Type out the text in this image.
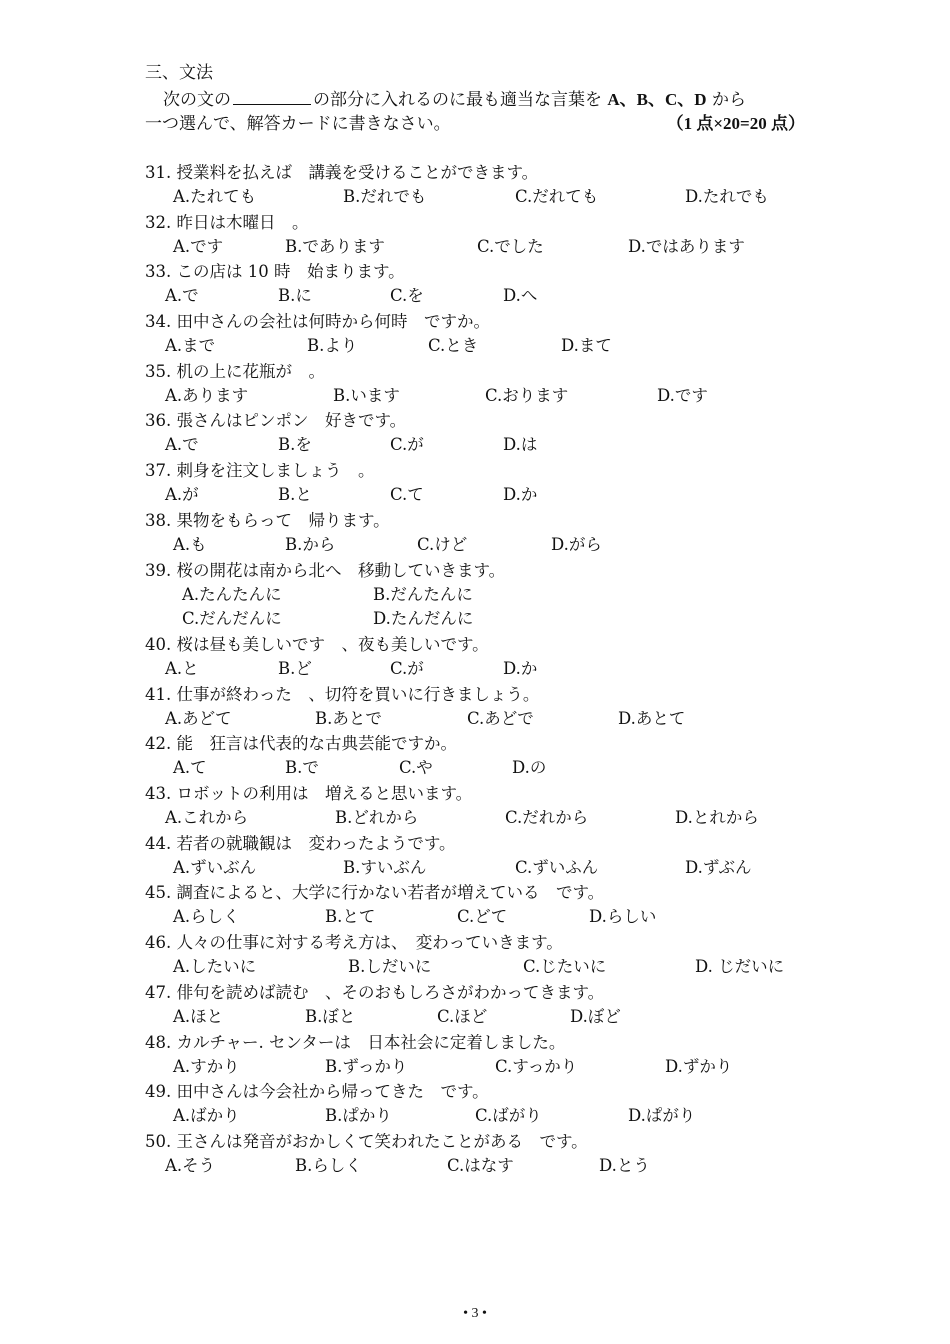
三、文法
次の文の	の部分に入れるのに最も適当な言葉を A、B、C、D から
一つ選んで、解答カードに書きなさい。	（1 点×20=20 点）
31. 授業料を払えば　講義を受けることができます。
A.たれても	B.だれでも	C.だれても	D.たれでも
32. 昨日は木曜日　。
A.です	B.であります	C.でした	D.ではあります
33. この店は 10 時　始まります。
A.で	B.に	C.を	D.へ
34. 田中さんの会社は何時から何時　ですか。
A.まで	B.より	C.とき	D.まて
35. 机の上に花瓶が　。
A.あります	B.います	C.おります	D.です
36. 張さんはピンポン　好きです。
A.で	B.を	C.が	D.は
37. 刺身を注文しましょう　。
A.が	B.と	C.て	D.か
38. 果物をもらって　帰ります。
A.も	B.から	C.けど	D.がら
39. 桜の開花は南から北へ　移動していきます。
A.たんたんに	B.だんたんに
C.だんだんに	D.たんだんに
40. 桜は昼も美しいです　、夜も美しいです。
A.と	B.ど	C.が	D.か
41. 仕事が終わった　、切符を買いに行きましょう。
A.あどて	B.あとで	C.あどで	D.あとて
42. 能　狂言は代表的な古典芸能ですか。
A.て	B.で	C.や	D.の
43. ロボットの利用は　増えると思います。
A.これから	B.どれから	C.だれから	D.とれから
44. 若者の就職観は　変わったようです。
A.ずいぶん	B.すいぶん	C.ずいふん	D.ずぶん
45. 調査によると、大学に行かない若者が増えている　です。
A.らしく	B.とて	C.どて	D.らしい
46. 人々の仕事に対する考え方は、　変わっていきます。
A.したいに	B.しだいに	C.じたいに	D. じだいに
47. 俳句を読めば読む　、そのおもしろさがわかってきます。
A.ほと	B.ぼと	C.ほど	D.ぼど
48. カルチャー. センターは　日本社会に定着しました。
A.すかり	B.ずっかり	C.すっかり	D.ずかり
49. 田中さんは今会社から帰ってきた　です。
A.ばかり	B.ぱかり	C.ばがり	D.ぱがり
50. 王さんは発音がおかしくて笑われたことがある　です。
A.そう	B.らしく	C.はなす	D.とう
• 3 •
